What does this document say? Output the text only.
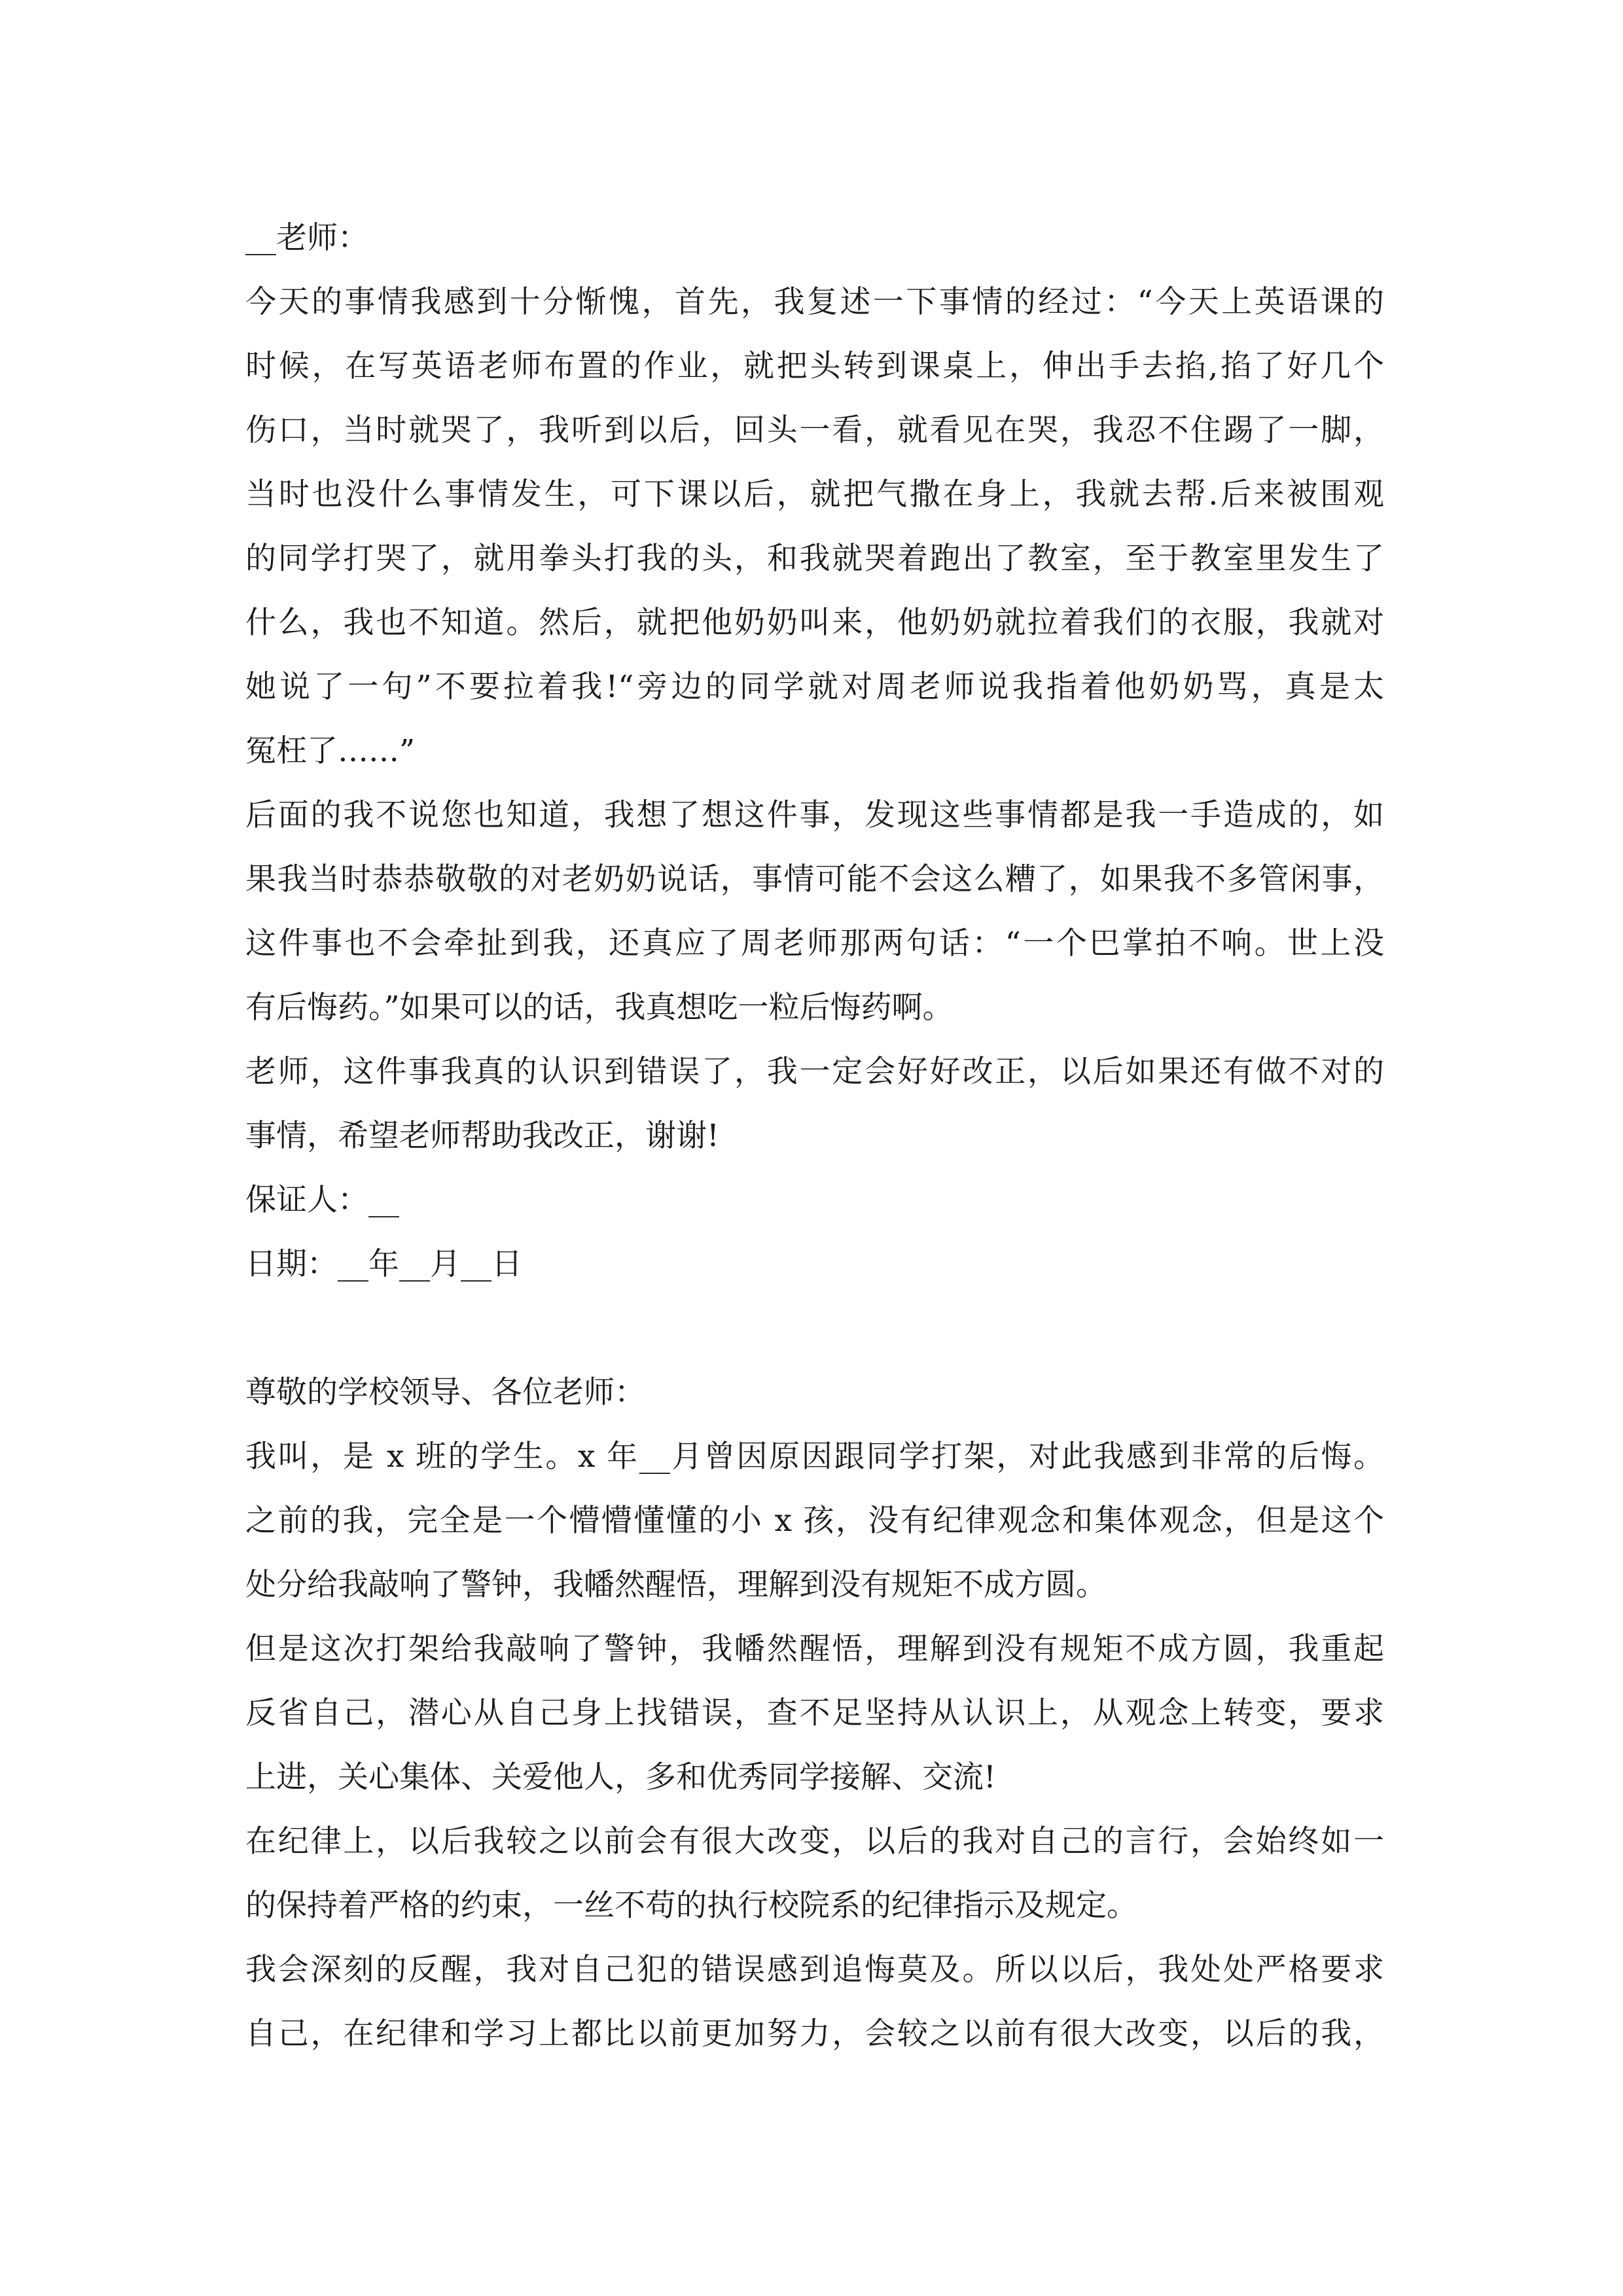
__老师：
今天的事情我感到十分惭愧，首先，我复述一下事情的经过：“今天上英语课的
时候，在写英语老师布置的作业，就把头转到课桌上，伸出手去掐,掐了好几个
伤口，当时就哭了，我听到以后，回头一看，就看见在哭，我忍不住踢了一脚，
当时也没什么事情发生，可下课以后，就把气撒在身上，我就去帮.后来被围观
的同学打哭了，就用拳头打我的头，和我就哭着跑出了教室，至于教室里发生了
什么，我也不知道。然后，就把他奶奶叫来，他奶奶就拉着我们的衣服，我就对
她说了一句”不要拉着我!“旁边的同学就对周老师说我指着他奶奶骂，真是太
冤枉了……”
后面的我不说您也知道，我想了想这件事，发现这些事情都是我一手造成的，如
果我当时恭恭敬敬的对老奶奶说话，事情可能不会这么糟了，如果我不多管闲事，
这件事也不会牵扯到我，还真应了周老师那两句话：“一个巴掌拍不响。世上没
有后悔药。”如果可以的话，我真想吃一粒后悔药啊。
老师，这件事我真的认识到错误了，我一定会好好改正，以后如果还有做不对的
事情，希望老师帮助我改正，谢谢!
保证人：__
日期：__年__月__日
尊敬的学校领导、各位老师：
我叫，是 x 班的学生。x 年__月曾因原因跟同学打架，对此我感到非常的后悔。
之前的我，完全是一个懵懵懂懂的小 x 孩，没有纪律观念和集体观念，但是这个
处分给我敲响了警钟，我幡然醒悟，理解到没有规矩不成方圆。
但是这次打架给我敲响了警钟，我幡然醒悟，理解到没有规矩不成方圆，我重起
反省自己，潜心从自己身上找错误，查不足坚持从认识上，从观念上转变，要求
上进，关心集体、关爱他人，多和优秀同学接解、交流!
在纪律上，以后我较之以前会有很大改变，以后的我对自己的言行，会始终如一
的保持着严格的约束，一丝不苟的执行校院系的纪律指示及规定。
我会深刻的反醒，我对自己犯的错误感到追悔莫及。所以以后，我处处严格要求
自己，在纪律和学习上都比以前更加努力，会较之以前有很大改变，以后的我，
